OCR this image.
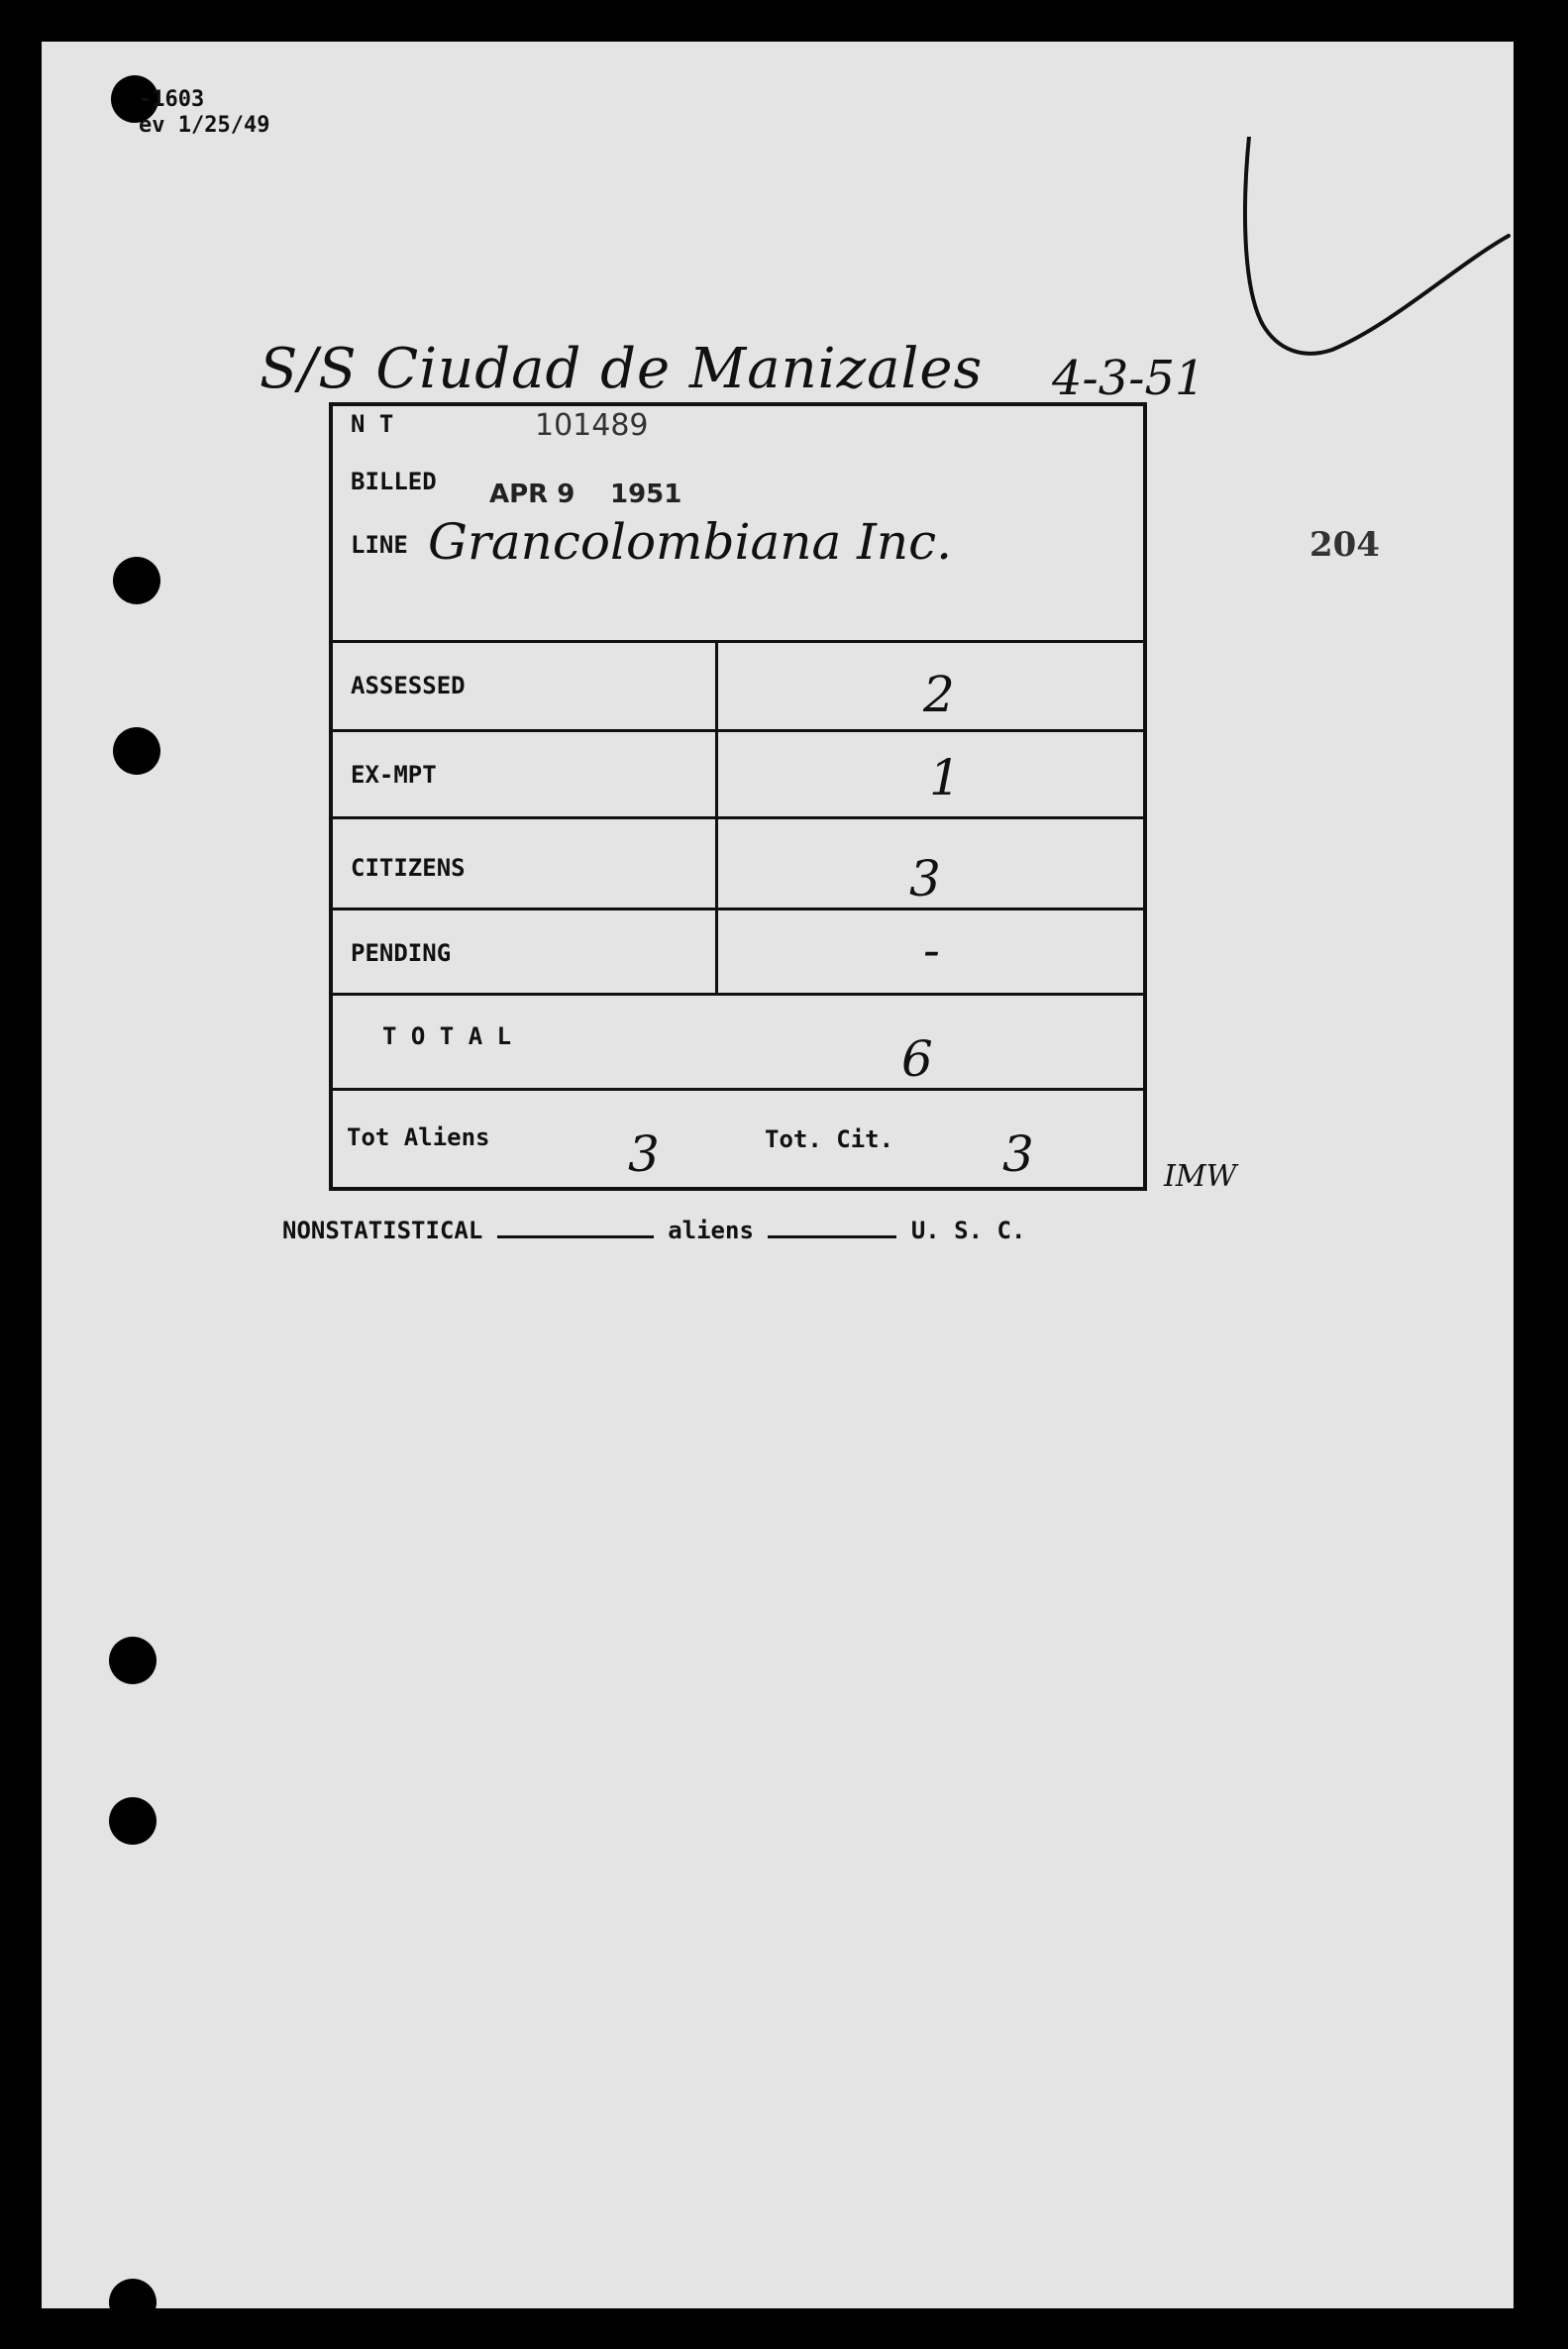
-1603
ev 1/25/49
S/S Ciudad de Manizales 4-3-51
204
N T	101489
BILLED APR 9 1951
LINE Grancolombiana Inc.
ASSESSED	2
EX-MPT	1
CITIZENS	3
PENDING	-
T O T A L	6
Tot Aliens	3	Tot. Cit. 3	IMW
NONSTATISTICAL	aliens	U. S. C.
